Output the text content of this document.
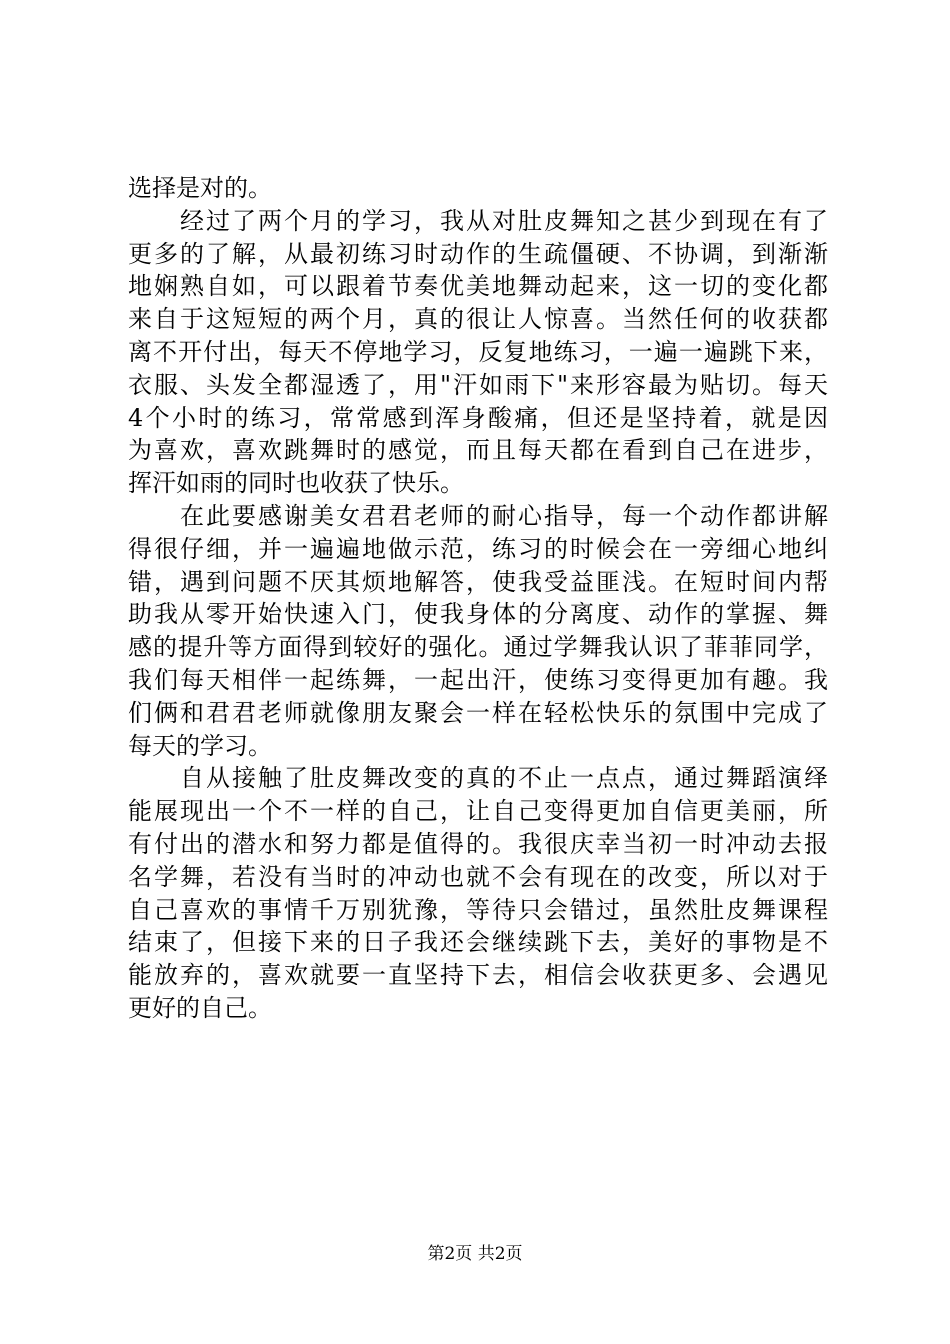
选择是对的。
经过了两个月的学习，我从对肚皮舞知之甚少到现在有了
更多的了解，从最初练习时动作的生疏僵硬、不协调，到渐渐
地娴熟自如，可以跟着节奏优美地舞动起来，这一切的变化都
来自于这短短的两个月，真的很让人惊喜。当然任何的收获都
离不开付出，每天不停地学习，反复地练习，一遍一遍跳下来，
衣服、头发全都湿透了，用"汗如雨下"来形容最为贴切。每天
4个小时的练习，常常感到浑身酸痛，但还是坚持着，就是因
为喜欢，喜欢跳舞时的感觉，而且每天都在看到自己在进步，
挥汗如雨的同时也收获了快乐。
在此要感谢美女君君老师的耐心指导，每一个动作都讲解
得很仔细，并一遍遍地做示范，练习的时候会在一旁细心地纠
错，遇到问题不厌其烦地解答，使我受益匪浅。在短时间内帮
助我从零开始快速入门，使我身体的分离度、动作的掌握、舞
感的提升等方面得到较好的强化。通过学舞我认识了菲菲同学，
我们每天相伴一起练舞，一起出汗，使练习变得更加有趣。我
们俩和君君老师就像朋友聚会一样在轻松快乐的氛围中完成了
每天的学习。
自从接触了肚皮舞改变的真的不止一点点，通过舞蹈演绎
能展现出一个不一样的自己，让自己变得更加自信更美丽，所
有付出的潜水和努力都是值得的。我很庆幸当初一时冲动去报
名学舞，若没有当时的冲动也就不会有现在的改变，所以对于
自己喜欢的事情千万别犹豫，等待只会错过，虽然肚皮舞课程
结束了，但接下来的日子我还会继续跳下去，美好的事物是不
能放弃的，喜欢就要一直坚持下去，相信会收获更多、会遇见
更好的自己。
第2页 共2页
